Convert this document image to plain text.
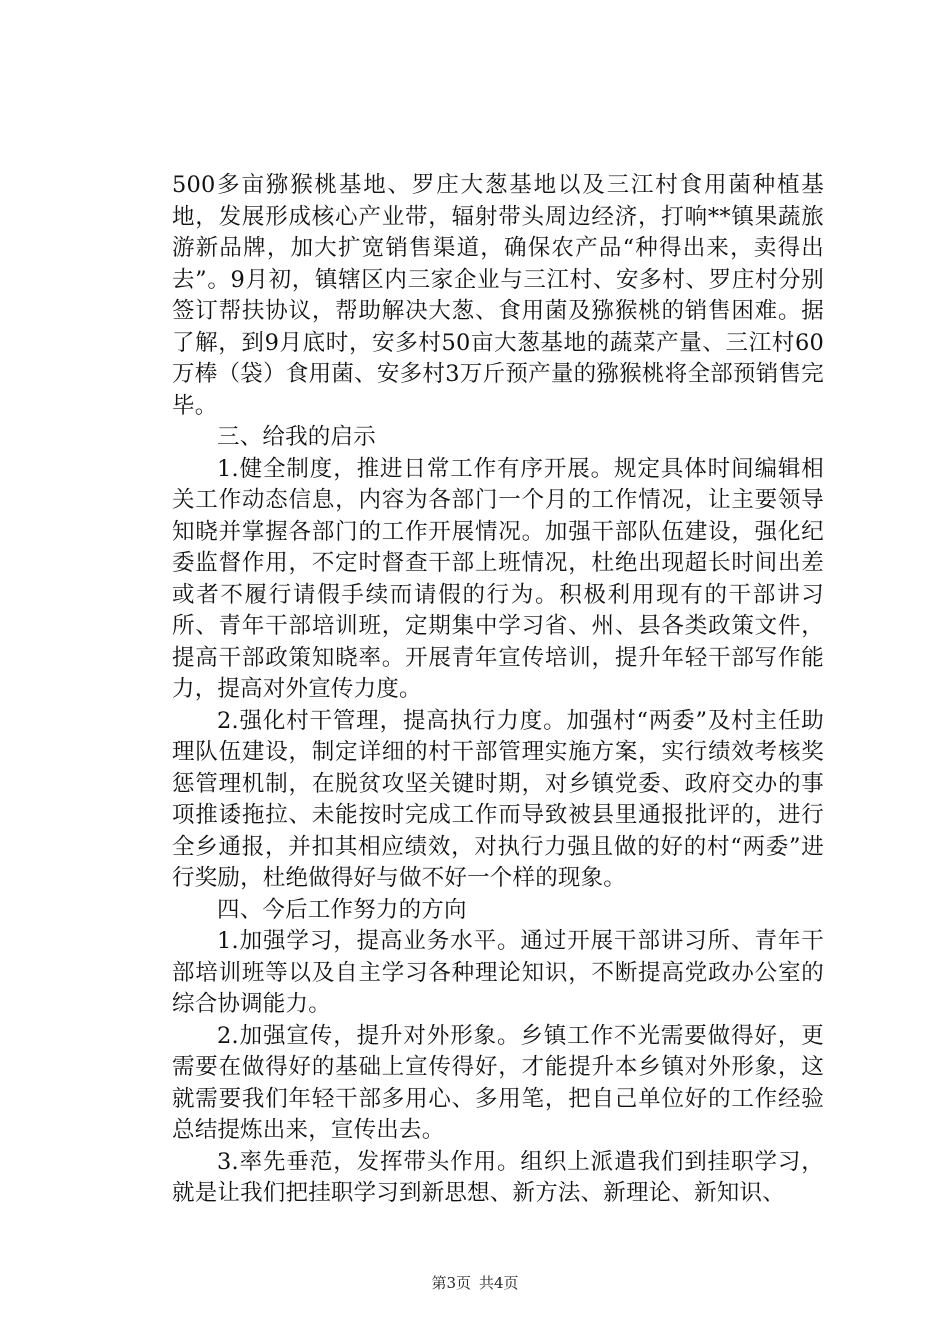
500多亩猕猴桃基地、罗庄大葱基地以及三江村食用菌种植基地，发展形成核心产业带，辐射带头周边经济，打响**镇果蔬旅游新品牌，加大扩宽销售渠道，确保农产品“种得出来，卖得出去”。9月初，镇辖区内三家企业与三江村、安多村、罗庄村分别签订帮扶协议，帮助解决大葱、食用菌及猕猴桃的销售困难。据了解，到9月底时，安多村50亩大葱基地的蔬菜产量、三江村60万棒（袋）食用菌、安多村3万斤预产量的猕猴桃将全部预销售完毕。

三、给我的启示

1.健全制度，推进日常工作有序开展。规定具体时间编辑相关工作动态信息，内容为各部门一个月的工作情况，让主要领导知晓并掌握各部门的工作开展情况。加强干部队伍建设，强化纪委监督作用，不定时督查干部上班情况，杜绝出现超长时间出差或者不履行请假手续而请假的行为。积极利用现有的干部讲习所、青年干部培训班，定期集中学习省、州、县各类政策文件，提高干部政策知晓率。开展青年宣传培训，提升年轻干部写作能力，提高对外宣传力度。

2.强化村干管理，提高执行力度。加强村“两委”及村主任助理队伍建设，制定详细的村干部管理实施方案，实行绩效考核奖惩管理机制，在脱贫攻坚关键时期，对乡镇党委、政府交办的事项推诿拖拉、未能按时完成工作而导致被县里通报批评的，进行全乡通报，并扣其相应绩效，对执行力强且做的好的村“两委”进行奖励，杜绝做得好与做不好一个样的现象。

四、今后工作努力的方向

1.加强学习，提高业务水平。通过开展干部讲习所、青年干部培训班等以及自主学习各种理论知识，不断提高党政办公室的综合协调能力。

2.加强宣传，提升对外形象。乡镇工作不光需要做得好，更需要在做得好的基础上宣传得好，才能提升本乡镇对外形象，这就需要我们年轻干部多用心、多用笔，把自己单位好的工作经验总结提炼出来，宣传出去。

3.率先垂范，发挥带头作用。组织上派遣我们到挂职学习，就是让我们把挂职学习到新思想、新方法、新理论、新知识、

第3页 共4页
